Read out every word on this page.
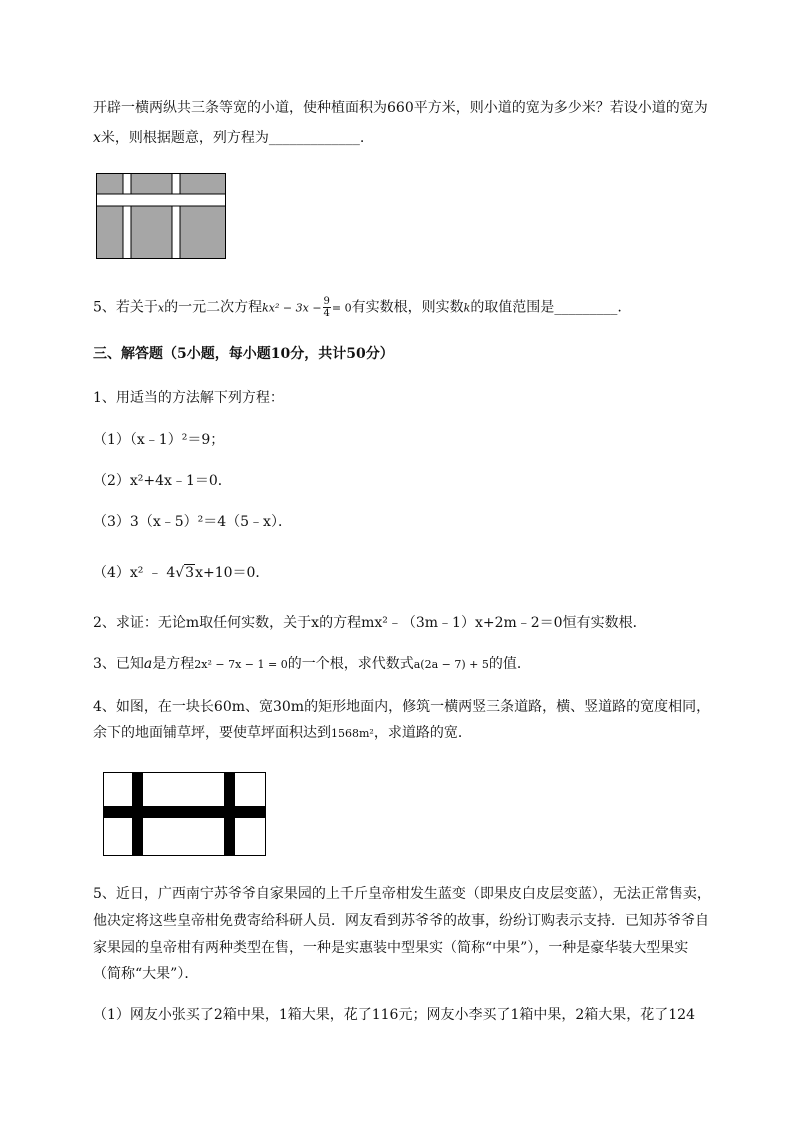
开辟一横两纵共三条等宽的小道，使种植面积为660平方米，则小道的宽为多少米？若设小道的宽为
x米，则根据题意，列方程为_____________.
5、若关于x的一元二次方程$kx^2 - 3x - \frac{9}{4} = 0$有实数根，则实数k的取值范围是_________.
三、解答题（5小题，每小题10分，共计50分）
1、用适当的方法解下列方程：
（1）（x﹣1）²＝9；
（2）x²+4x﹣1＝0．
（3）3（x﹣5）²＝4（5﹣x）．
（4）x² ﹣ 4√3x+10＝0．
2、求证：无论m取任何实数，关于x的方程mx²﹣（3m﹣1）x+2m﹣2＝0恒有实数根．
3、已知a是方程2x² − 7x − 1 = 0的一个根，求代数式a(2a − 7) + 5的值．
4、如图，在一块长60m、宽30m的矩形地面内，修筑一横两竖三条道路，横、竖道路的宽度相同，
余下的地面铺草坪，要使草坪面积达到1568m²，求道路的宽．
5、近日，广西南宁苏爷爷自家果园的上千斤皇帝柑发生蓝变（即果皮白皮层变蓝），无法正常售卖，
他决定将这些皇帝柑免费寄给科研人员．网友看到苏爷爷的故事，纷纷订购表示支持．已知苏爷爷自
家果园的皇帝柑有两种类型在售，一种是实惠装中型果实（简称“中果”），一种是豪华装大型果实
（简称“大果”）．
（1）网友小张买了2箱中果，1箱大果，花了116元；网友小李买了1箱中果，2箱大果，花了124
